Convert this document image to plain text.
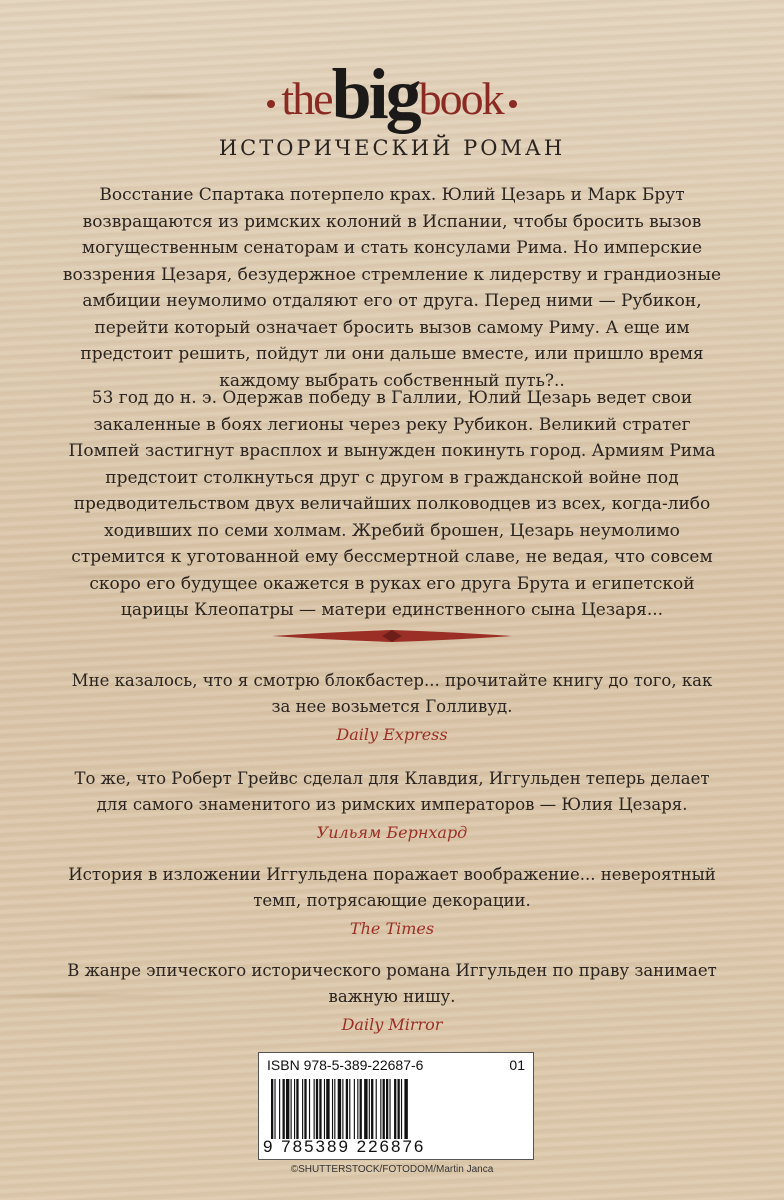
the big book
ИСТОРИЧЕСКИЙ РОМАН

Восстание Спартака потерпело крах. Юлий Цезарь и Марк Брут возвращаются из римских колоний в Испании, чтобы бросить вызов могущественным сенаторам и стать консулами Рима. Но имперские воззрения Цезаря, безудержное стремление к лидерству и грандиозные амбиции неумолимо отдаляют его от друга. Перед ними — Рубикон, перейти который означает бросить вызов самому Риму. А еще им предстоит решить, пойдут ли они дальше вместе, или пришло время каждому выбрать собственный путь?..

53 год до н. э. Одержав победу в Галлии, Юлий Цезарь ведет свои закаленные в боях легионы через реку Рубикон. Великий стратег Помпей застигнут врасплох и вынужден покинуть город. Армиям Рима предстоит столкнуться друг с другом в гражданской войне под предводительством двух величайших полководцев из всех, когда-либо ходивших по семи холмам. Жребий брошен, Цезарь неумолимо стремится к уготованной ему бессмертной славе, не ведая, что совсем скоро его будущее окажется в руках его друга Брута и египетской царицы Клеопатры — матери единственного сына Цезаря...

Мне казалось, что я смотрю блокбастер... прочитайте книгу до того, как за нее возьмется Голливуд.

Daily Express

То же, что Роберт Грейвс сделал для Клавдия, Иггульден теперь делает для самого знаменитого из римских императоров — Юлия Цезаря.

Уильям Бернхард

История в изложении Иггульдена поражает воображение... невероятный темп, потрясающие декорации.

The Times

В жанре эпического исторического романа Иггульден по праву занимает важную нишу.

Daily Mirror

ISBN 978-5-389-22687-6	01
9 785389 226876
©SHUTTERSTOCK/FOTODOM/Martin Janca
